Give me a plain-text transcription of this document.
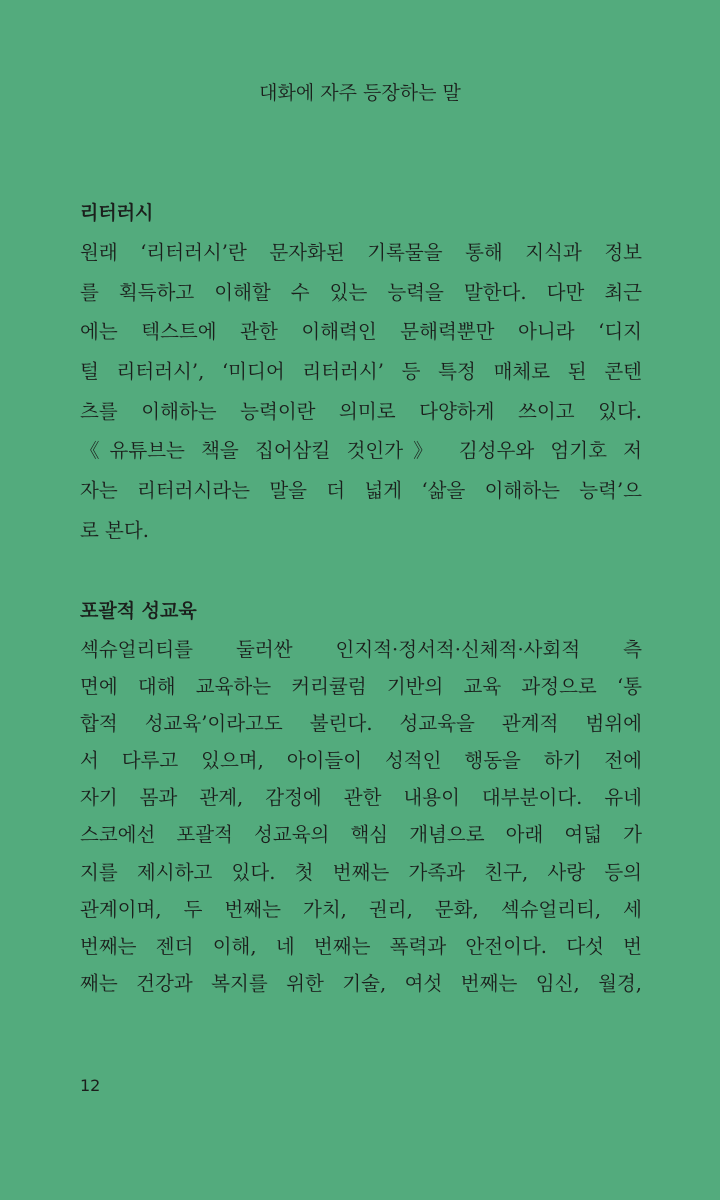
대화에 자주 등장하는 말
리터러시
원래 ‘리터러시’란 문자화된 기록물을 통해 지식과 정보
를 획득하고 이해할 수 있는 능력을 말한다. 다만 최근
에는 텍스트에 관한 이해력인 문해력뿐만 아니라 ‘디지
털 리터러시’, ‘미디어 리터러시’ 등 특정 매체로 된 콘텐
츠를 이해하는 능력이란 의미로 다양하게 쓰이고 있다.
《유튜브는 책을 집어삼킬 것인가》 김성우와 엄기호 저
자는 리터러시라는 말을 더 넓게 ‘삶을 이해하는 능력’으
로 본다.
포괄적 성교육
섹슈얼리티를 둘러싼 인지적·정서적·신체적·사회적 측
면에 대해 교육하는 커리큘럼 기반의 교육 과정으로 ‘통
합적 성교육’이라고도 불린다. 성교육을 관계적 범위에
서 다루고 있으며, 아이들이 성적인 행동을 하기 전에
자기 몸과 관계, 감정에 관한 내용이 대부분이다. 유네
스코에선 포괄적 성교육의 핵심 개념으로 아래 여덟 가
지를 제시하고 있다. 첫 번째는 가족과 친구, 사랑 등의
관계이며, 두 번째는 가치, 권리, 문화, 섹슈얼리티, 세
번째는 젠더 이해, 네 번째는 폭력과 안전이다. 다섯 번
째는 건강과 복지를 위한 기술, 여섯 번째는 임신, 월경,
12
